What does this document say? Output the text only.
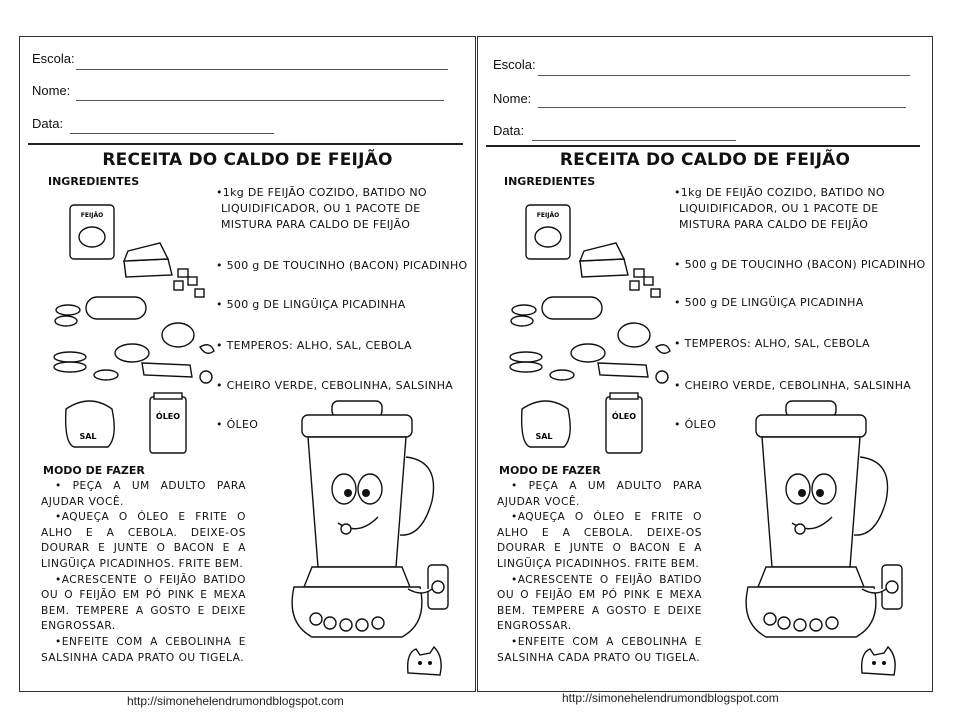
Escola:
Nome:
Data:
RECEITA DO CALDO DE FEIJÃO
INGREDIENTES
•1kg DE FEIJÃO COZIDO, BATIDO NO
LIQUIDIFICADOR, OU 1 PACOTE DE
MISTURA PARA CALDO DE FEIJÃO
• 500 g DE TOUCINHO (BACON) PICADINHO
• 500 g DE LINGÜIÇA PICADINHA
• TEMPEROS: ALHO, SAL, CEBOLA
• CHEIRO VERDE, CEBOLINHA, SALSINHA
• ÓLEO
FEIJÃO
SAL
ÓLEO
MODO DE FAZER

• PEÇA A UM ADULTO PARA AJUDAR VOCÊ.

•AQUEÇA O ÓLEO E FRITE O ALHO E A CEBOLA. DEIXE-OS DOURAR E JUNTE O BACON E A LINGÜIÇA PICADINHOS. FRITE BEM.

•ACRESCENTE O FEIJÃO BATIDO OU O FEIJÃO EM PÓ PINK E MEXA BEM. TEMPERE A GOSTO E DEIXE ENGROSSAR.

•ENFEITE COM A CEBOLINHA E SALSINHA CADA PRATO OU TIGELA.

Escola:
Nome:
Data:
RECEITA DO CALDO DE FEIJÃO
INGREDIENTES
•1kg DE FEIJÃO COZIDO, BATIDO NO
LIQUIDIFICADOR, OU 1 PACOTE DE
MISTURA PARA CALDO DE FEIJÃO
• 500 g DE TOUCINHO (BACON) PICADINHO
• 500 g DE LINGÜIÇA PICADINHA
• TEMPEROS: ALHO, SAL, CEBOLA
• CHEIRO VERDE, CEBOLINHA, SALSINHA
• ÓLEO
FEIJÃO
SAL
ÓLEO
MODO DE FAZER

• PEÇA A UM ADULTO PARA AJUDAR VOCÊ.

•AQUEÇA O ÓLEO E FRITE O ALHO E A CEBOLA. DEIXE-OS DOURAR E JUNTE O BACON E A LINGÜIÇA PICADINHOS. FRITE BEM.

•ACRESCENTE O FEIJÃO BATIDO OU O FEIJÃO EM PÓ PINK E MEXA BEM. TEMPERE A GOSTO E DEIXE ENGROSSAR.

•ENFEITE COM A CEBOLINHA E SALSINHA CADA PRATO OU TIGELA.

http://simonehelendrumondblogspot.com	http://simonehelendrumondblogspot.com
